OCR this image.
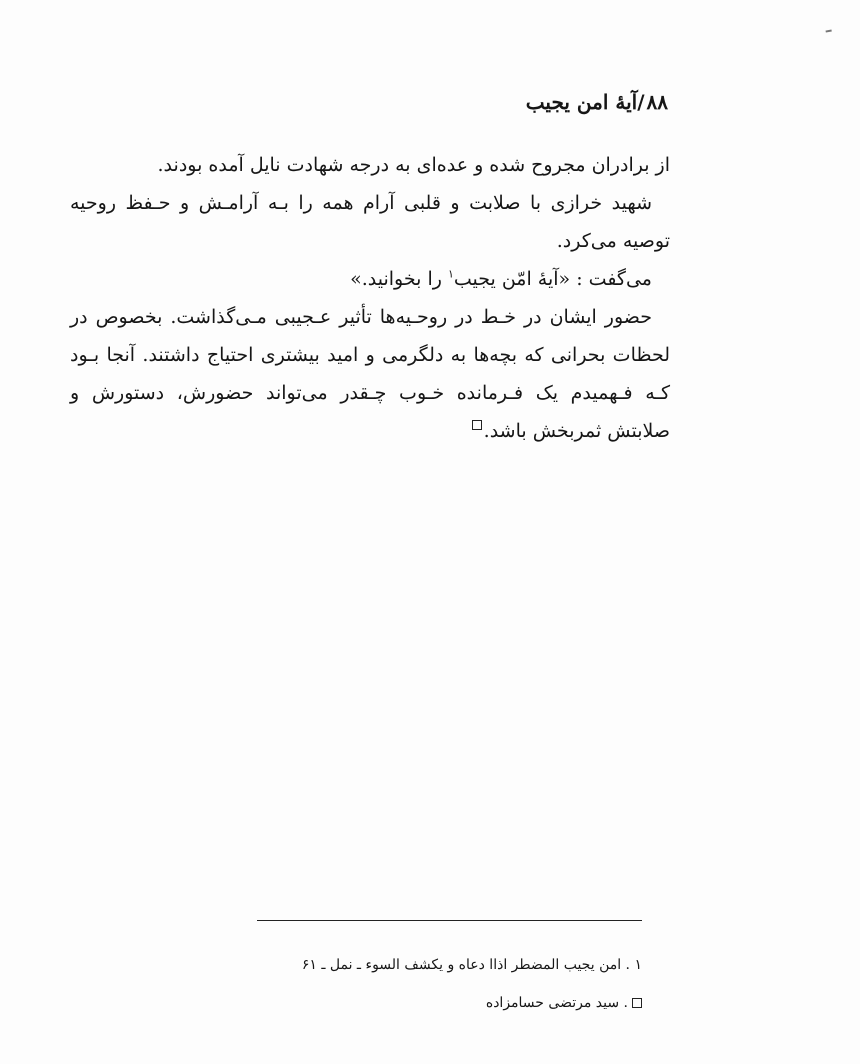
۸۸/آیهٔ امن یجیب

از برادران مجروح شده و عده‌ای به درجه شهادت نایل آمده بودند.

شهید خرازی با صلابت و قلبی آرام همه را بـه آرامـش و حـفظ روحیه توصیه می‌کرد.

می‌گفت : «آیهٔ امّن یجیب$^۱$ را بخوانید.»

حضور ایشان در خـط در روحـیه‌ها تأثیر عـجیبی مـی‌گذاشت. بخصوص در لحظات بحرانی که بچه‌ها به دلگرمی و امید بیشتری احتیاج داشتند. آنجا بـود کـه فـهمیدم یک فـرمانده خـوب چـقدر می‌تواند حضورش، دستورش و صلابتش ثمربخش باشد.

۱ . امن یجیب المضطر اذاا دعاه و یکشف السوء ـ نمل ـ ۶۱

. سید مرتضی حسامزاده
